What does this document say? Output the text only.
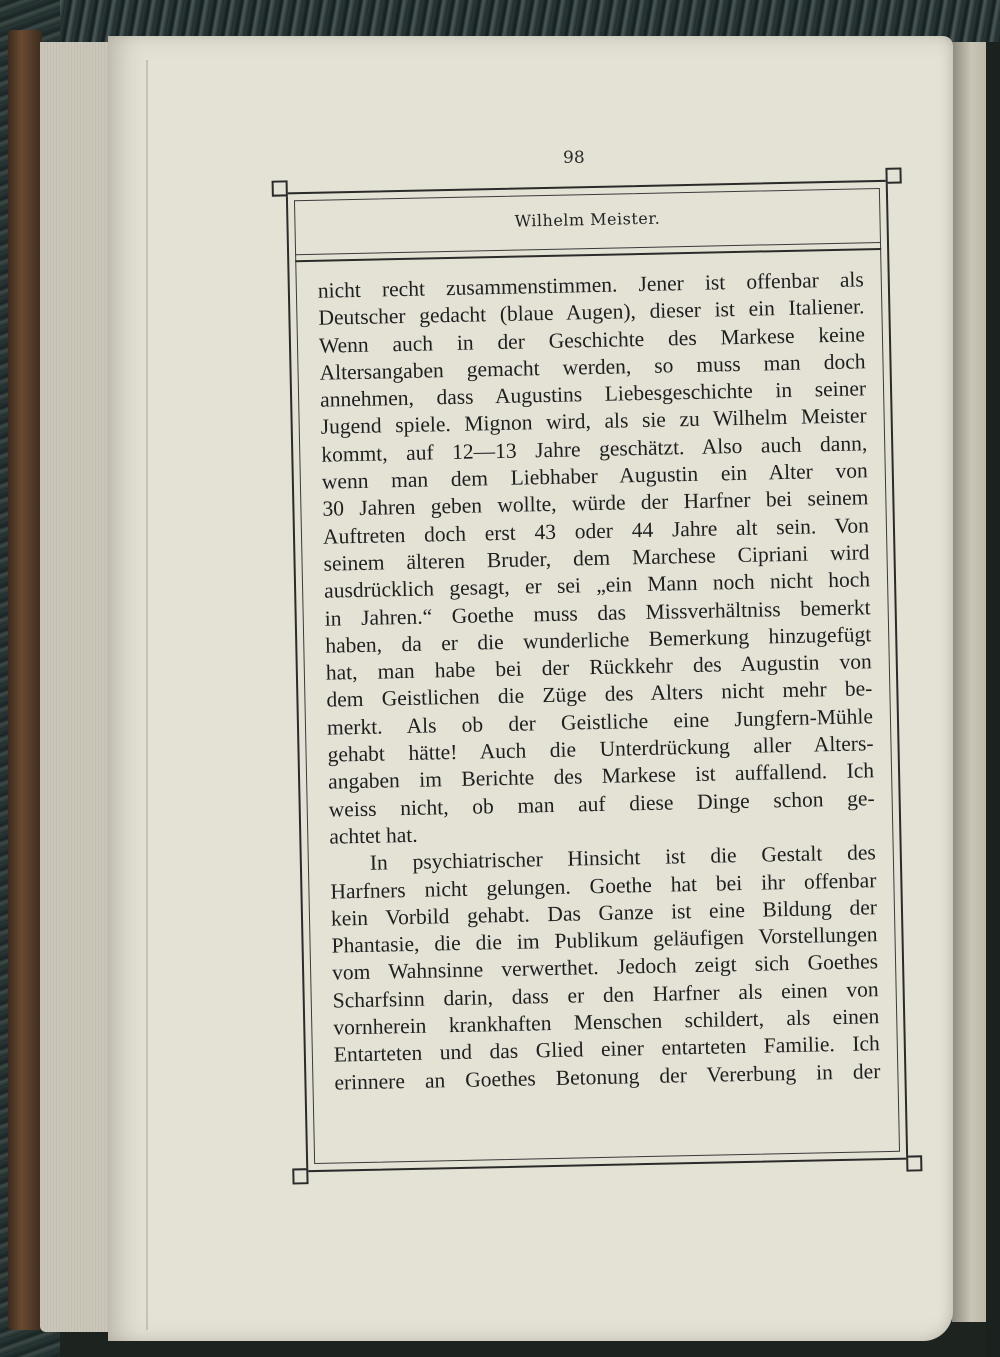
98
Wilhelm Meister.
nicht recht zusammenstimmen. Jener ist offenbar als
Deutscher gedacht (blaue Augen), dieser ist ein Italiener.
Wenn auch in der Geschichte des Markese keine
Altersangaben gemacht werden, so muss man doch
annehmen, dass Augustins Liebesgeschichte in seiner
Jugend spiele. Mignon wird, als sie zu Wilhelm Meister
kommt, auf 12—13 Jahre geschätzt. Also auch dann,
wenn man dem Liebhaber Augustin ein Alter von
30 Jahren geben wollte, würde der Harfner bei seinem
Auftreten doch erst 43 oder 44 Jahre alt sein. Von
seinem älteren Bruder, dem Marchese Cipriani wird
ausdrücklich gesagt, er sei „ein Mann noch nicht hoch
in Jahren.“ Goethe muss das Missverhältniss bemerkt
haben, da er die wunderliche Bemerkung hinzugefügt
hat, man habe bei der Rückkehr des Augustin von
dem Geistlichen die Züge des Alters nicht mehr be-
merkt. Als ob der Geistliche eine Jungfern-Mühle
gehabt hätte! Auch die Unterdrückung aller Alters-
angaben im Berichte des Markese ist auffallend. Ich
weiss nicht, ob man auf diese Dinge schon ge-
achtet hat.
In psychiatrischer Hinsicht ist die Gestalt des
Harfners nicht gelungen. Goethe hat bei ihr offenbar
kein Vorbild gehabt. Das Ganze ist eine Bildung der
Phantasie, die die im Publikum geläufigen Vorstellungen
vom Wahnsinne verwerthet. Jedoch zeigt sich Goethes
Scharfsinn darin, dass er den Harfner als einen von
vornherein krankhaften Menschen schildert, als einen
Entarteten und das Glied einer entarteten Familie. Ich
erinnere an Goethes Betonung der Vererbung in der
